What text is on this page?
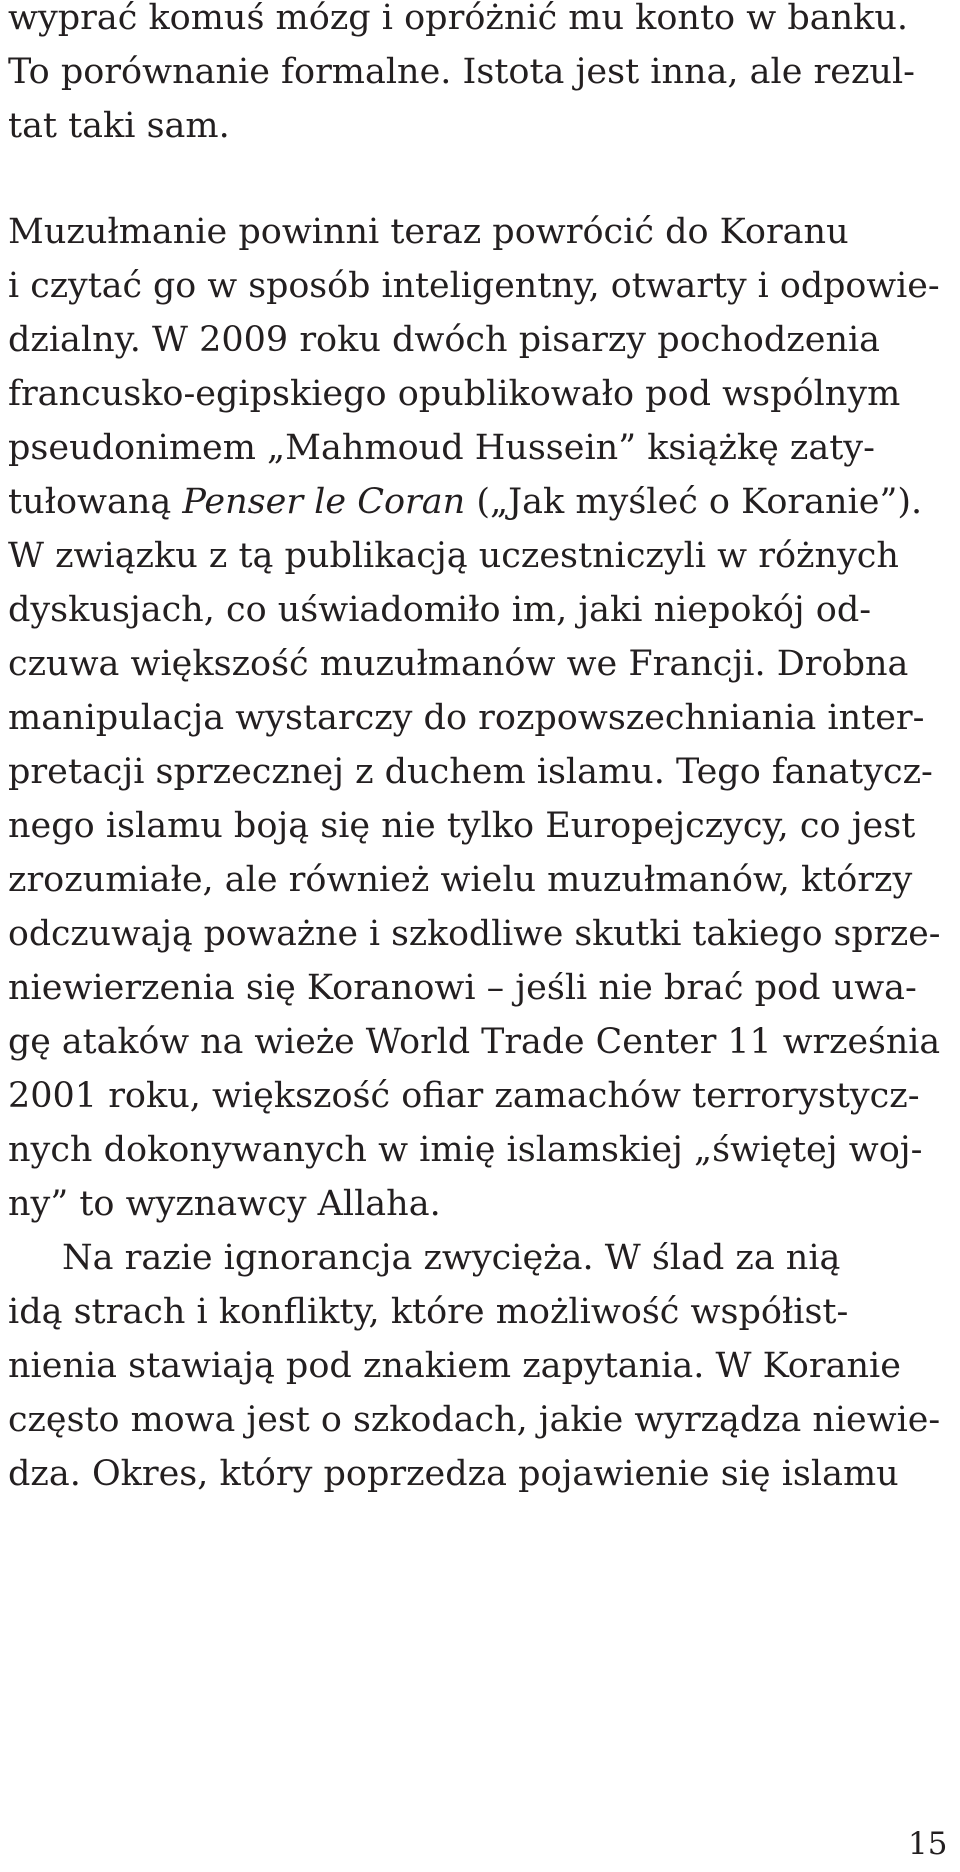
wyprać komuś mózg i opróżnić mu konto w banku.
To porównanie formalne. Istota jest inna, ale rezul-
tat taki sam.
Muzułmanie powinni teraz powrócić do Koranu
i czytać go w sposób inteligentny, otwarty i odpowie-
dzialny. W 2009 roku dwóch pisarzy pochodzenia
francusko-egipskiego opublikowało pod wspólnym
pseudonimem „Mahmoud Hussein” książkę zaty-
tułowaną Penser le Coran („Jak myśleć o Koranie”).
W związku z tą publikacją uczestniczyli w różnych
dyskusjach, co uświadomiło im, jaki niepokój od-
czuwa większość muzułmanów we Francji. Drobna
manipulacja wystarczy do rozpowszechniania inter-
pretacji sprzecznej z duchem islamu. Tego fanatycz-
nego islamu boją się nie tylko Europejczycy, co jest
zrozumiałe, ale również wielu muzułmanów, którzy
odczuwają poważne i szkodliwe skutki takiego sprze-
niewierzenia się Koranowi – jeśli nie brać pod uwa-
gę ataków na wieże World Trade Center 11 września
2001 roku, większość ofiar zamachów terrorystycz-
nych dokonywanych w imię islamskiej „świętej woj-
ny” to wyznawcy Allaha.
Na razie ignorancja zwycięża. W ślad za nią
idą strach i konflikty, które możliwość współist-
nienia stawiają pod znakiem zapytania. W Koranie
często mowa jest o szkodach, jakie wyrządza niewie-
dza. Okres, który poprzedza pojawienie się islamu
15
